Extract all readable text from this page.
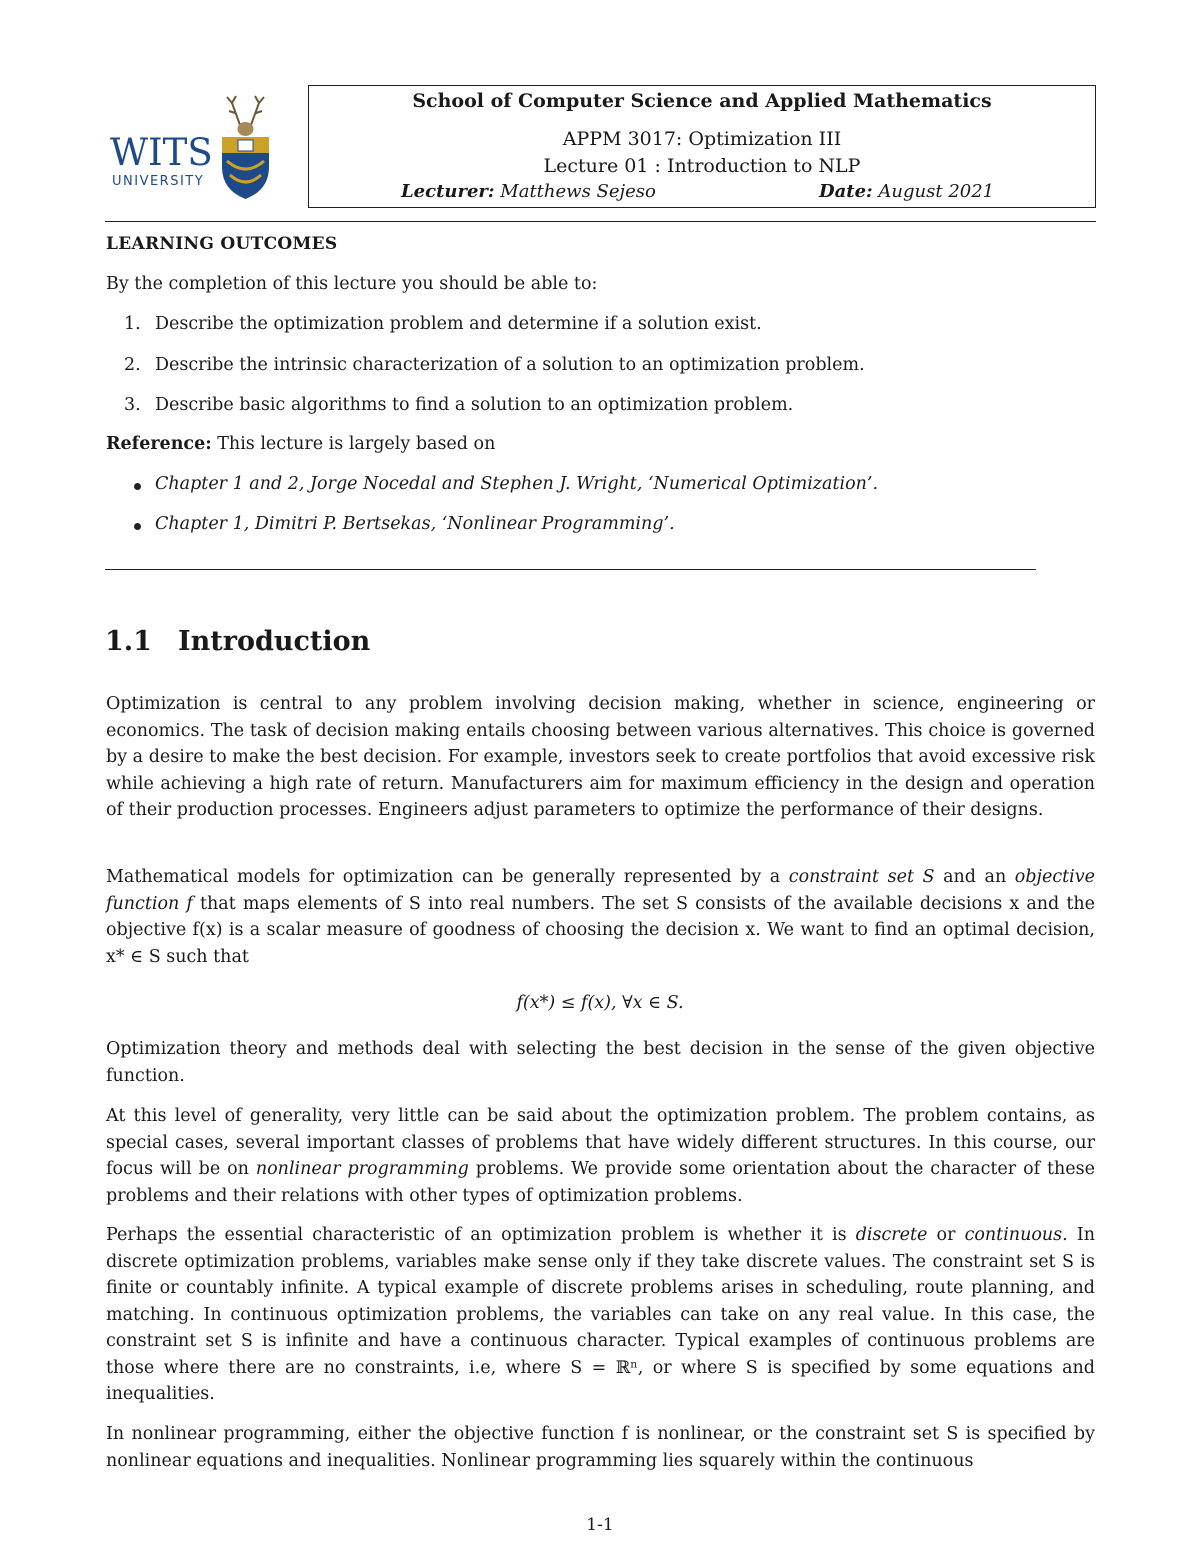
WITS
UNIVERSITY
School of Computer Science and Applied Mathematics
APPM 3017: Optimization III
Lecture 01 : Introduction to NLP
Lecturer: Matthews Sejeso	Date: August 2021
LEARNING OUTCOMES
By the completion of this lecture you should be able to:
1. Describe the optimization problem and determine if a solution exist.
2. Describe the intrinsic characterization of a solution to an optimization problem.
3. Describe basic algorithms to find a solution to an optimization problem.
Reference: This lecture is largely based on
Chapter 1 and 2, Jorge Nocedal and Stephen J. Wright, ‘Numerical Optimization’.
Chapter 1, Dimitri P. Bertsekas, ‘Nonlinear Programming’.
1.1 Introduction

Optimization is central to any problem involving decision making, whether in science, engineering or economics. The task of decision making entails choosing between various alternatives. This choice is governed by a desire to make the best decision. For example, investors seek to create portfolios that avoid excessive risk while achieving a high rate of return. Manufacturers aim for maximum efficiency in the design and operation of their production processes. Engineers adjust parameters to optimize the performance of their designs.

Mathematical models for optimization can be generally represented by a constraint set S and an objective function f that maps elements of S into real numbers. The set S consists of the available decisions x and the objective f(x) is a scalar measure of goodness of choosing the decision x. We want to find an optimal decision, x* ∈ S such that

f(x*) ≤ f(x), ∀x ∈ S.

Optimization theory and methods deal with selecting the best decision in the sense of the given objective function.

At this level of generality, very little can be said about the optimization problem. The problem contains, as special cases, several important classes of problems that have widely different structures. In this course, our focus will be on nonlinear programming problems. We provide some orientation about the character of these problems and their relations with other types of optimization problems.

Perhaps the essential characteristic of an optimization problem is whether it is discrete or continuous. In discrete optimization problems, variables make sense only if they take discrete values. The constraint set S is finite or countably infinite. A typical example of discrete problems arises in scheduling, route planning, and matching. In continuous optimization problems, the variables can take on any real value. In this case, the constraint set S is infinite and have a continuous character. Typical examples of continuous problems are those where there are no constraints, i.e, where S = ℝⁿ, or where S is specified by some equations and inequalities.

In nonlinear programming, either the objective function f is nonlinear, or the constraint set S is specified by nonlinear equations and inequalities. Nonlinear programming lies squarely within the continuous

1-1
